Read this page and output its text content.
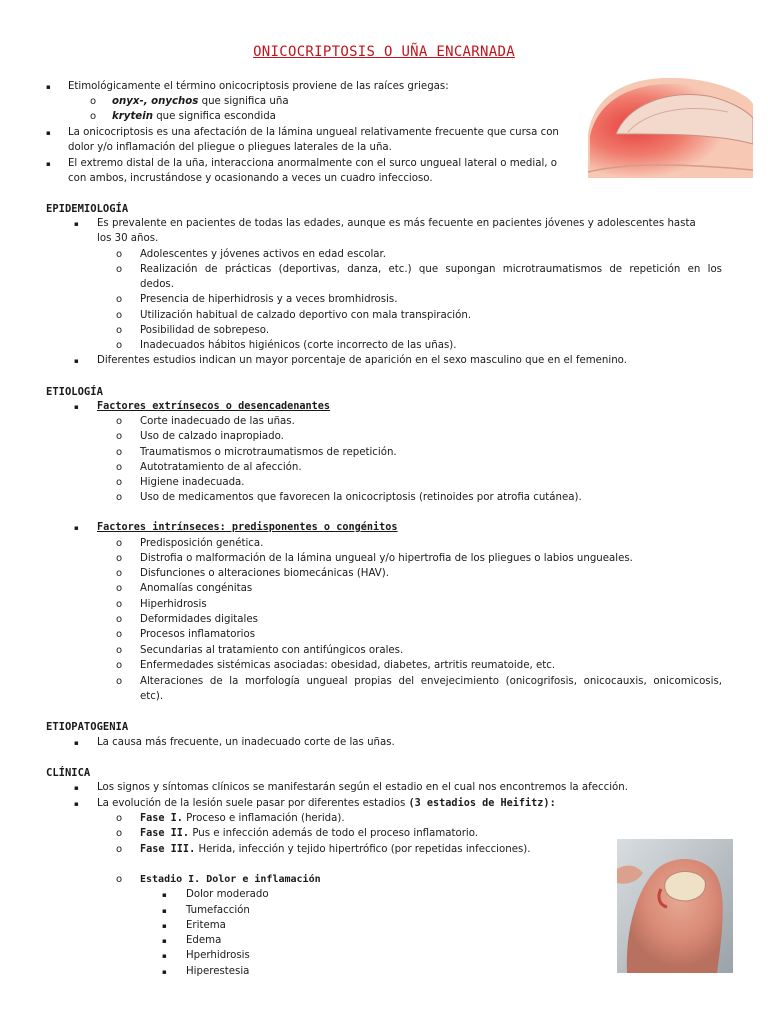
ONICOCRIPTOSIS O UÑA ENCARNADA
▪ Etimológicamente el término onicocriptosis proviene de las raíces griegas:
o onyx-, onychos que significa uña
o krytein que significa escondida
▪ La onicocriptosis es una afectación de la lámina ungueal relativamente frecuente que cursa con
dolor y/o inflamación del pliegue o pliegues laterales de la uña.
▪ El extremo distal de la uña, interacciona anormalmente con el surco ungueal lateral o medial, o
con ambos, incrustándose y ocasionando a veces un cuadro infeccioso.
EPIDEMIOLOGÍA
▪ Es prevalente en pacientes de todas las edades, aunque es más fecuente en pacientes jóvenes y adolescentes hasta
los 30 años.
o Adolescentes y jóvenes activos en edad escolar.
o Realización de prácticas (deportivas, danza, etc.) que supongan microtraumatismos de repetición en los
dedos.
o Presencia de hiperhidrosis y a veces bromhidrosis.
o Utilización habitual de calzado deportivo con mala transpiración.
o Posibilidad de sobrepeso.
o Inadecuados hábitos higiénicos (corte incorrecto de las uñas).
▪ Diferentes estudios indican un mayor porcentaje de aparición en el sexo masculino que en el femenino.
ETIOLOGÍA
▪ Factores extrínsecos o desencadenantes
o Corte inadecuado de las uñas.
o Uso de calzado inapropiado.
o Traumatismos o microtraumatismos de repetición.
o Autotratamiento de al afección.
o Higiene inadecuada.
o Uso de medicamentos que favorecen la onicocriptosis (retinoides por atrofia cutánea).
▪ Factores intrínseces: predisponentes o congénitos
o Predisposición genética.
o Distrofia o malformación de la lámina ungueal y/o hipertrofia de los pliegues o labios ungueales.
o Disfunciones o alteraciones biomecánicas (HAV).
o Anomalías congénitas
o Hiperhidrosis
o Deformidades digitales
o Procesos inflamatorios
o Secundarias al tratamiento con antifúngicos orales.
o Enfermedades sistémicas asociadas: obesidad, diabetes, artritis reumatoide, etc.
o Alteraciones de la morfología ungueal propias del envejecimiento (onicogrifosis, onicocauxis, onicomicosis,
etc).
ETIOPATOGENIA
▪ La causa más frecuente, un inadecuado corte de las uñas.
CLÍNICA
▪ Los signos y síntomas clínicos se manifestarán según el estadio en el cual nos encontremos la afección.
▪ La evolución de la lesión suele pasar por diferentes estadios (3 estadios de Heifitz):
o Fase I. Proceso e inflamación (herida).
o Fase II. Pus e infección además de todo el proceso inflamatorio.
o Fase III. Herida, infección y tejido hipertrófico (por repetidas infecciones).
o Estadio I. Dolor e inflamación
▪ Dolor moderado
▪ Tumefacción
▪ Eritema
▪ Edema
▪ Hperhidrosis
▪ Hiperestesia
